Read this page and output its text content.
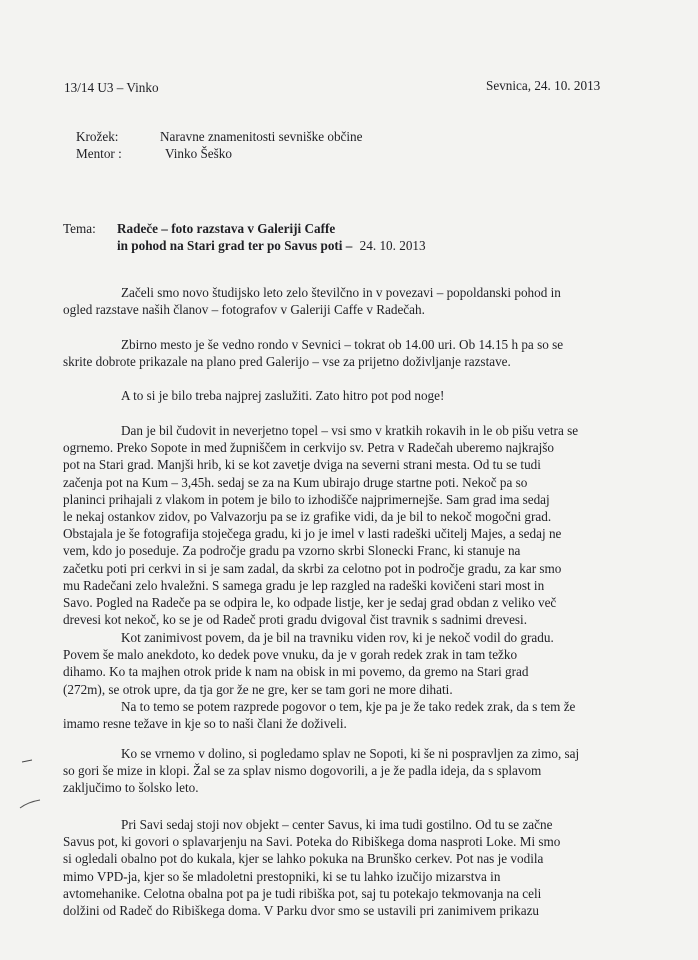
13/14 U3 – Vinko	Sevnica, 24. 10. 2013
Krožek:	Naravne znamenitosti sevniške občine
Mentor :	Vinko Šeško
Tema: Radeče – foto razstava v Galeriji Caffe
in pohod na Stari grad ter po Savus poti – 24. 10. 2013
Začeli smo novo študijsko leto zelo številčno in v povezavi – popoldanski pohod in
ogled razstave naših članov – fotografov v Galeriji Caffe v Radečah.
Zbirno mesto je še vedno rondo v Sevnici – tokrat ob 14.00 uri. Ob 14.15 h pa so se
skrite dobrote prikazale na plano pred Galerijo – vse za prijetno doživljanje razstave.
A to si je bilo treba najprej zaslužiti. Zato hitro pot pod noge!
Dan je bil čudovit in neverjetno topel – vsi smo v kratkih rokavih in le ob pišu vetra se
ogrnemo. Preko Sopote in med župniščem in cerkvijo sv. Petra v Radečah uberemo najkrajšo
pot na Stari grad. Manjši hrib, ki se kot zavetje dviga na severni strani mesta. Od tu se tudi
začenja pot na Kum – 3,45h. sedaj se za na Kum ubirajo druge startne poti. Nekoč pa so
planinci prihajali z vlakom in potem je bilo to izhodišče najprimernejše. Sam grad ima sedaj
le nekaj ostankov zidov, po Valvazorju pa se iz grafike vidi, da je bil to nekoč mogočni grad.
Obstajala je še fotografija stoječega gradu, ki jo je imel v lasti radeški učitelj Majes, a sedaj ne
vem, kdo jo poseduje. Za področje gradu pa vzorno skrbi Slonecki Franc, ki stanuje na
začetku poti pri cerkvi in si je sam zadal, da skrbi za celotno pot in področje gradu, za kar smo
mu Radečani zelo hvaležni. S samega gradu je lep razgled na radeški kovičeni stari most in
Savo. Pogled na Radeče pa se odpira le, ko odpade listje, ker je sedaj grad obdan z veliko več
drevesi kot nekoč, ko se je od Radeč proti gradu dvigoval čist travnik s sadnimi drevesi.
Kot zanimivost povem, da je bil na travniku viden rov, ki je nekoč vodil do gradu.
Povem še malo anekdoto, ko dedek pove vnuku, da je v gorah redek zrak in tam težko
dihamo. Ko ta majhen otrok pride k nam na obisk in mi povemo, da gremo na Stari grad
(272m), se otrok upre, da tja gor že ne gre, ker se tam gori ne more dihati.
Na to temo se potem razprede pogovor o tem, kje pa je že tako redek zrak, da s tem že
imamo resne težave in kje so to naši člani že doživeli.
Ko se vrnemo v dolino, si pogledamo splav ne Sopoti, ki še ni pospravljen za zimo, saj
so gori še mize in klopi. Žal se za splav nismo dogovorili, a je že padla ideja, da s splavom
zaključimo to šolsko leto.
Pri Savi sedaj stoji nov objekt – center Savus, ki ima tudi gostilno. Od tu se začne
Savus pot, ki govori o splavarjenju na Savi. Poteka do Ribiškega doma nasproti Loke. Mi smo
si ogledali obalno pot do kukala, kjer se lahko pokuka na Brunško cerkev. Pot nas je vodila
mimo VPD-ja, kjer so še mladoletni prestopniki, ki se tu lahko izučijo mizarstva in
avtomehanike. Celotna obalna pot pa je tudi ribiška pot, saj tu potekajo tekmovanja na celi
dolžini od Radeč do Ribiškega doma. V Parku dvor smo se ustavili pri zanimivem prikazu
